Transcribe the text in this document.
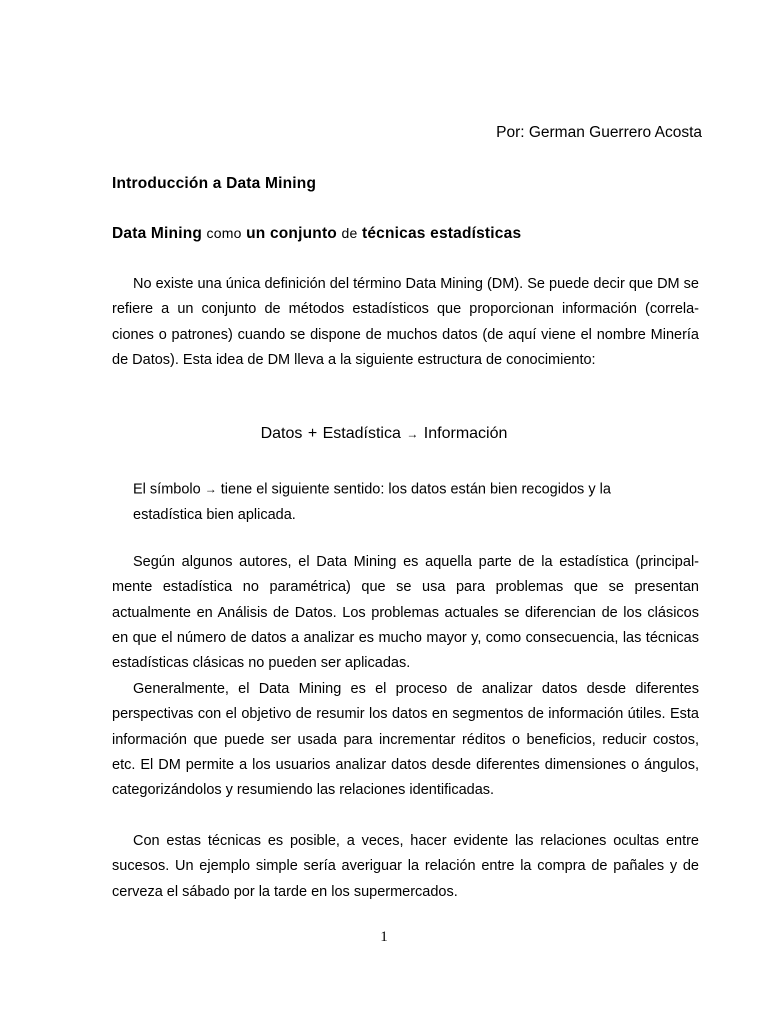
Por: German Guerrero Acosta
Introducción a Data Mining
Data Mining como un conjunto de técnicas estadísticas

No existe una única definición del término Data Mining (DM). Se puede decir que DM se refiere a un conjunto de métodos estadísticos que proporcionan información (correla- ciones o patrones) cuando se dispone de muchos datos (de aquí viene el nombre Minería de Datos). Esta idea de DM lleva a la siguiente estructura de conocimiento:

Datos + Estadística → Información

El símbolo → tiene el siguiente sentido: los datos están bien recogidos y la estadística bien aplicada.

Según algunos autores, el Data Mining es aquella parte de la estadística (principal- mente estadística no paramétrica) que se usa para problemas que se presentan actualmente en Análisis de Datos. Los problemas actuales se diferencian de los clásicos en que el número de datos a analizar es mucho mayor y, como consecuencia, las técnicas estadísticas clásicas no pueden ser aplicadas.

Generalmente, el Data Mining es el proceso de analizar datos desde diferentes perspectivas con el objetivo de resumir los datos en segmentos de información útiles. Esta información que puede ser usada para incrementar réditos o beneficios, reducir costos, etc. El DM permite a los usuarios analizar datos desde diferentes dimensiones o ángulos, categorizándolos y resumiendo las relaciones identificadas.

Con estas técnicas es posible, a veces, hacer evidente las relaciones ocultas entre sucesos. Un ejemplo simple sería averiguar la relación entre la compra de pañales y de cerveza el sábado por la tarde en los supermercados.

1
